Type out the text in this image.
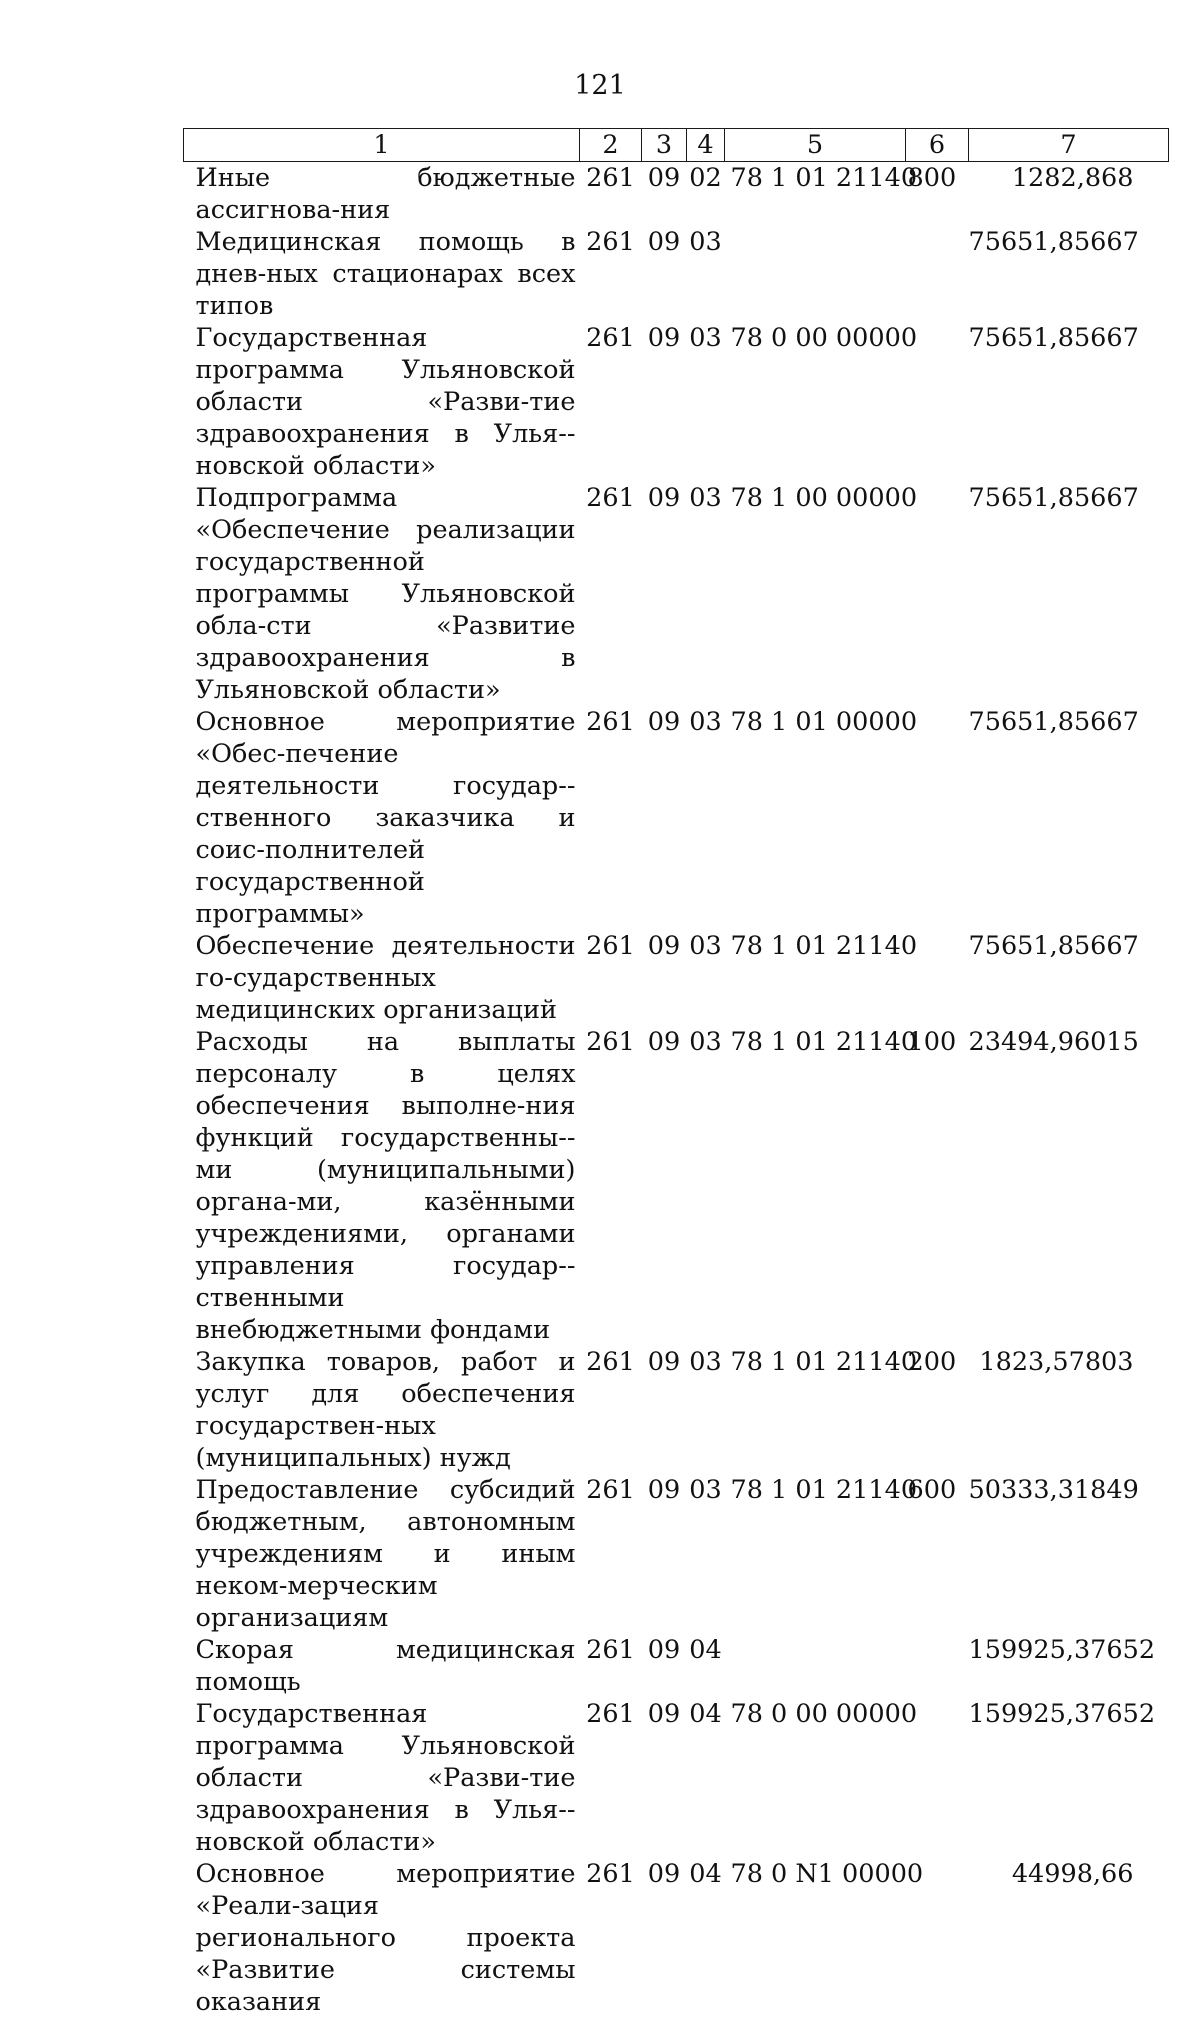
121
1	2	3	4	5	6	7
Иные бюджетные ассигнова-ния	261	09	02	78 1 01 21140	800	1282,868
Медицинская помощь в днев-ных стационарах всех типов	261	09	03			75651,85667
Государственная программа Ульяновской области «Разви-тие здравоохранения в Улья-новской области»	261	09	03	78 0 00 00000		75651,85667
Подпрограмма «Обеспечение реализации государственной программы Ульяновской обла-сти «Развитие здравоохранения в Ульяновской области»	261	09	03	78 1 00 00000		75651,85667
Основное мероприятие «Обес-печение деятельности государ-ственного заказчика и соис-полнителей государственной программы»	261	09	03	78 1 01 00000		75651,85667
Обеспечение деятельности го-сударственных медицинских организаций	261	09	03	78 1 01 21140		75651,85667
Расходы на выплаты персоналу в целях обеспечения выполне-ния функций государственны-ми (муниципальными) органа-ми, казёнными учреждениями, органами управления государ-ственными внебюджетными фондами	261	09	03	78 1 01 21140	100	23494,96015
Закупка товаров, работ и услуг для обеспечения государствен-ных (муниципальных) нужд	261	09	03	78 1 01 21140	200	1823,57803
Предоставление субсидий бюджетным, автономным учреждениям и иным неком-мерческим организациям	261	09	03	78 1 01 21140	600	50333,31849
Скорая медицинская помощь	261	09	04			159925,37652
Государственная программа Ульяновской области «Разви-тие здравоохранения в Улья-новской области»	261	09	04	78 0 00 00000		159925,37652
Основное мероприятие «Реали-зация регионального проекта «Развитие системы оказания	261	09	04	78 0 N1 00000		44998,66
